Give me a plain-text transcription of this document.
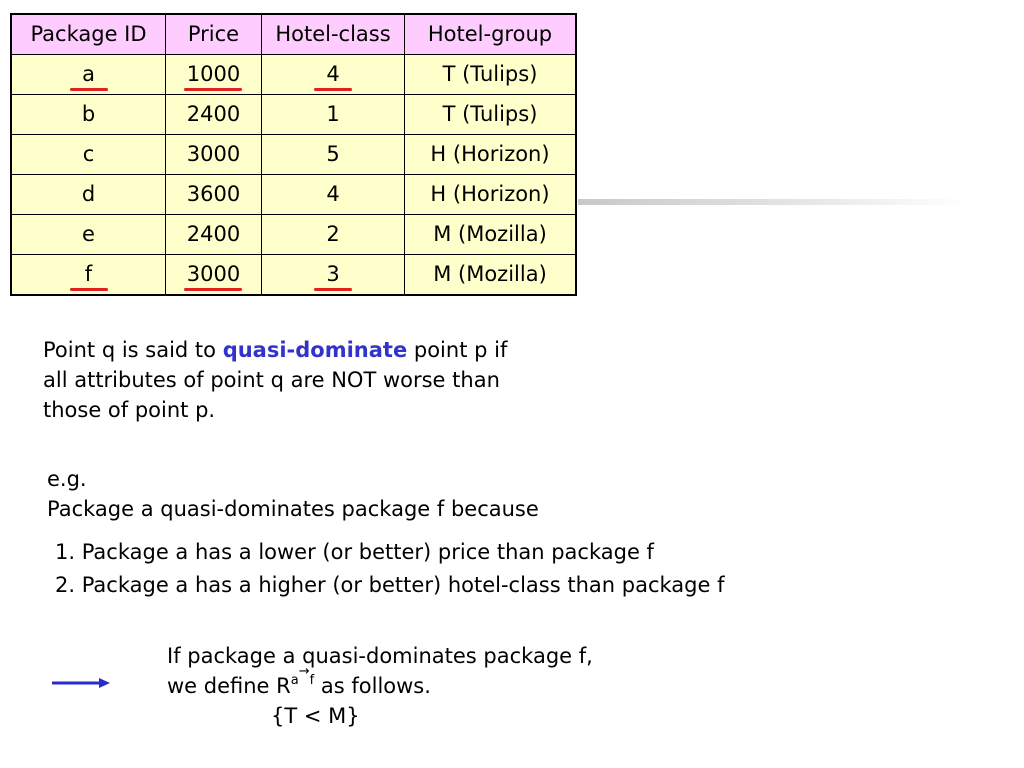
Package ID	Price	Hotel-class	Hotel-group
a	1000	4	T (Tulips)
b	2400	1	T (Tulips)
c	3000	5	H (Horizon)
d	3600	4	H (Horizon)
e	2400	2	M (Mozilla)
f	3000	3	M (Mozilla)
Point q is said to quasi-dominate point p if
all attributes of point q are NOT worse than
those of point p.
e.g.
Package a quasi-dominates package f because
1. Package a has a lower (or better) price than package f
2. Package a has a higher (or better) hotel-class than package f
If package a quasi-dominates package f,
we define $R^{a\to f}$ as follows.
{T < M}
